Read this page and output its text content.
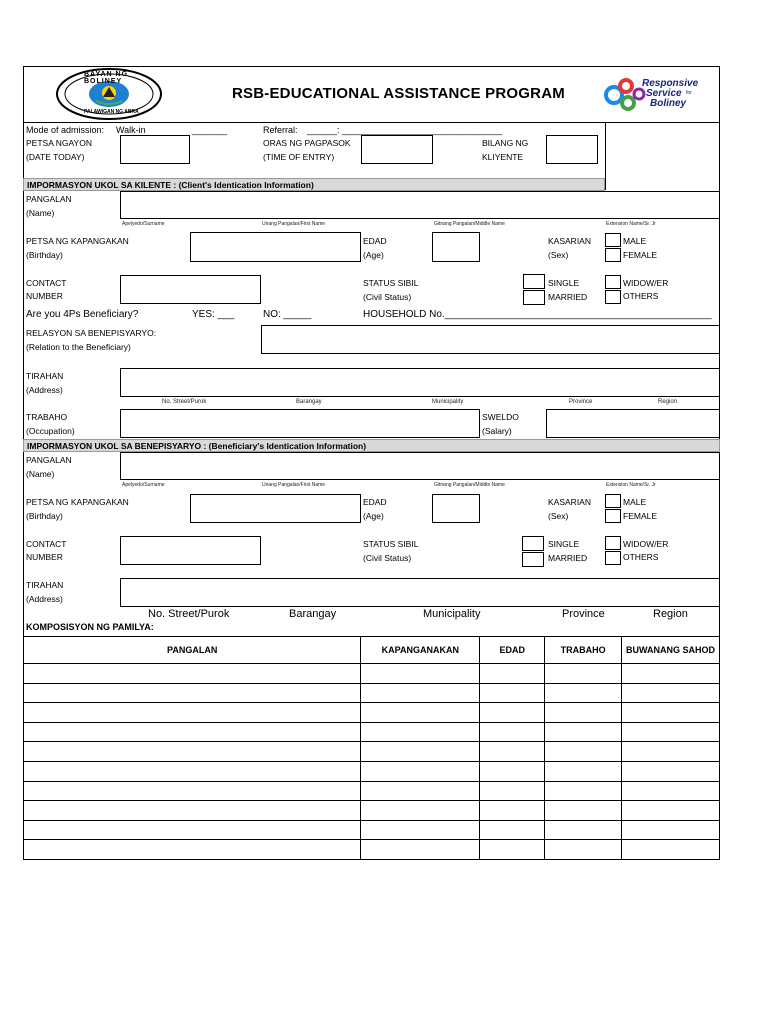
BAYAN NG BOLINEY
PALAWIGAN NG ABRA
RSB-EDUCATIONAL ASSISTANCE PROGRAM
Responsive
Service for
Boliney
Mode of admission: Walk-in	_______	Referral: ______: ________________________________
PETSA NGAYON
(DATE TODAY)
ORAS NG PAGPASOK
(TIME OF ENTRY)
BILANG NG
KLIYENTE
IMPORMASYON UKOL SA KILENTE : (Client's Identication Information)
PANGALAN
(Name)
Apelyedo/Surname	Unang Pangalan/First Name	Gitnang Pangalan/Middle Name	Extension Name/Sr. Jr
PETSA NG KAPANGAKAN
(Birthday)
EDAD
(Age)
KASARIAN
(Sex)
MALE
FEMALE
CONTACT
NUMBER
STATUS SIBIL
(Civil Status)
SINGLE
MARRIED
WIDOW/ER
OTHERS
Are you 4Ps Beneficiary?	YES: ___	NO: _____	HOUSEHOLD No.________________________________________________
RELASYON SA BENEPISYARYO:
(Relation to the Beneficiary)
TIRAHAN
(Address)
No. Street/Purok	Barangay	Municipality	Province	Region
TRABAHO
(Occupation)
SWELDO
(Salary)
IMPORMASYON UKOL SA BENEPISYARYO : (Beneficiary's Identication Information)
PANGALAN
(Name)
Apelyedo/Surname	Unang Pangalan/First Name	Gitnang Pangalan/Middle Name	Extension Name/Sr. Jr
PETSA NG KAPANGAKAN
(Birthday)
EDAD
(Age)
KASARIAN
(Sex)
MALE
FEMALE
CONTACT
NUMBER
STATUS SIBIL
(Civil Status)
SINGLE
MARRIED
WIDOW/ER
OTHERS
TIRAHAN
(Address)
No. Street/Purok	Barangay	Municipality	Province	Region
KOMPOSISYON NG PAMILYA:
PANGALAN	KAPANGANAKAN	EDAD	TRABAHO	BUWANANG SAHOD
